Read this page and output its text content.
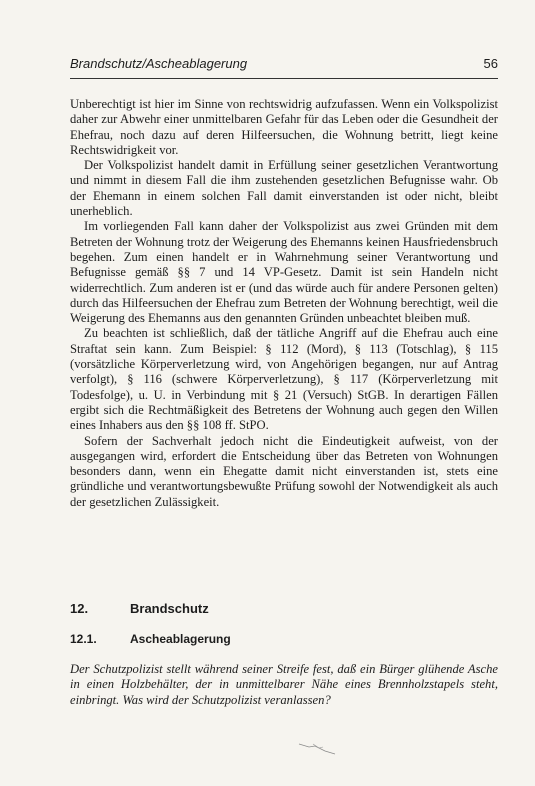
Brandschutz/Ascheablagerung	56

Unberechtigt ist hier im Sinne von rechtswidrig aufzufassen. Wenn ein Volkspolizist daher zur Abwehr einer unmittelbaren Gefahr für das Leben oder die Gesundheit der Ehefrau, noch dazu auf deren Hilfeersuchen, die Wohnung betritt, liegt keine Rechtswidrigkeit vor.

Der Volkspolizist handelt damit in Erfüllung seiner gesetzlichen Verantwortung und nimmt in diesem Fall die ihm zustehenden gesetzlichen Befugnisse wahr. Ob der Ehemann in einem solchen Fall damit einverstanden ist oder nicht, bleibt unerheblich.

Im vorliegenden Fall kann daher der Volkspolizist aus zwei Gründen mit dem Betreten der Wohnung trotz der Weigerung des Ehemanns keinen Hausfriedensbruch begehen. Zum einen handelt er in Wahrnehmung seiner Verantwortung und Befugnisse gemäß §§ 7 und 14 VP-Gesetz. Damit ist sein Handeln nicht widerrechtlich. Zum anderen ist er (und das würde auch für andere Personen gelten) durch das Hilfeersuchen der Ehefrau zum Betreten der Wohnung berechtigt, weil die Weigerung des Ehemanns aus den genannten Gründen unbeachtet bleiben muß.

Zu beachten ist schließlich, daß der tätliche Angriff auf die Ehefrau auch eine Straftat sein kann. Zum Beispiel: § 112 (Mord), § 113 (Totschlag), § 115 (vorsätzliche Körperverletzung wird, von Angehörigen begangen, nur auf Antrag verfolgt), § 116 (schwere Körperverletzung), § 117 (Körperverletzung mit Todesfolge), u. U. in Verbindung mit § 21 (Versuch) StGB. In derartigen Fällen ergibt sich die Rechtmäßigkeit des Betretens der Wohnung auch gegen den Willen eines Inhabers aus den §§ 108 ff. StPO.

Sofern der Sachverhalt jedoch nicht die Eindeutigkeit aufweist, von der ausgegangen wird, erfordert die Entscheidung über das Betreten von Wohnungen besonders dann, wenn ein Ehegatte damit nicht einverstanden ist, stets eine gründliche und verantwortungsbewußte Prüfung sowohl der Notwendigkeit als auch der gesetzlichen Zulässigkeit.

12.	Brandschutz
12.1.	Ascheablagerung
Der Schutzpolizist stellt während seiner Streife fest, daß ein Bürger glühende Asche in einen Holzbehälter, der in unmittelbarer Nähe eines Brennholzstapels steht, einbringt. Was wird der Schutzpolizist veranlassen?
